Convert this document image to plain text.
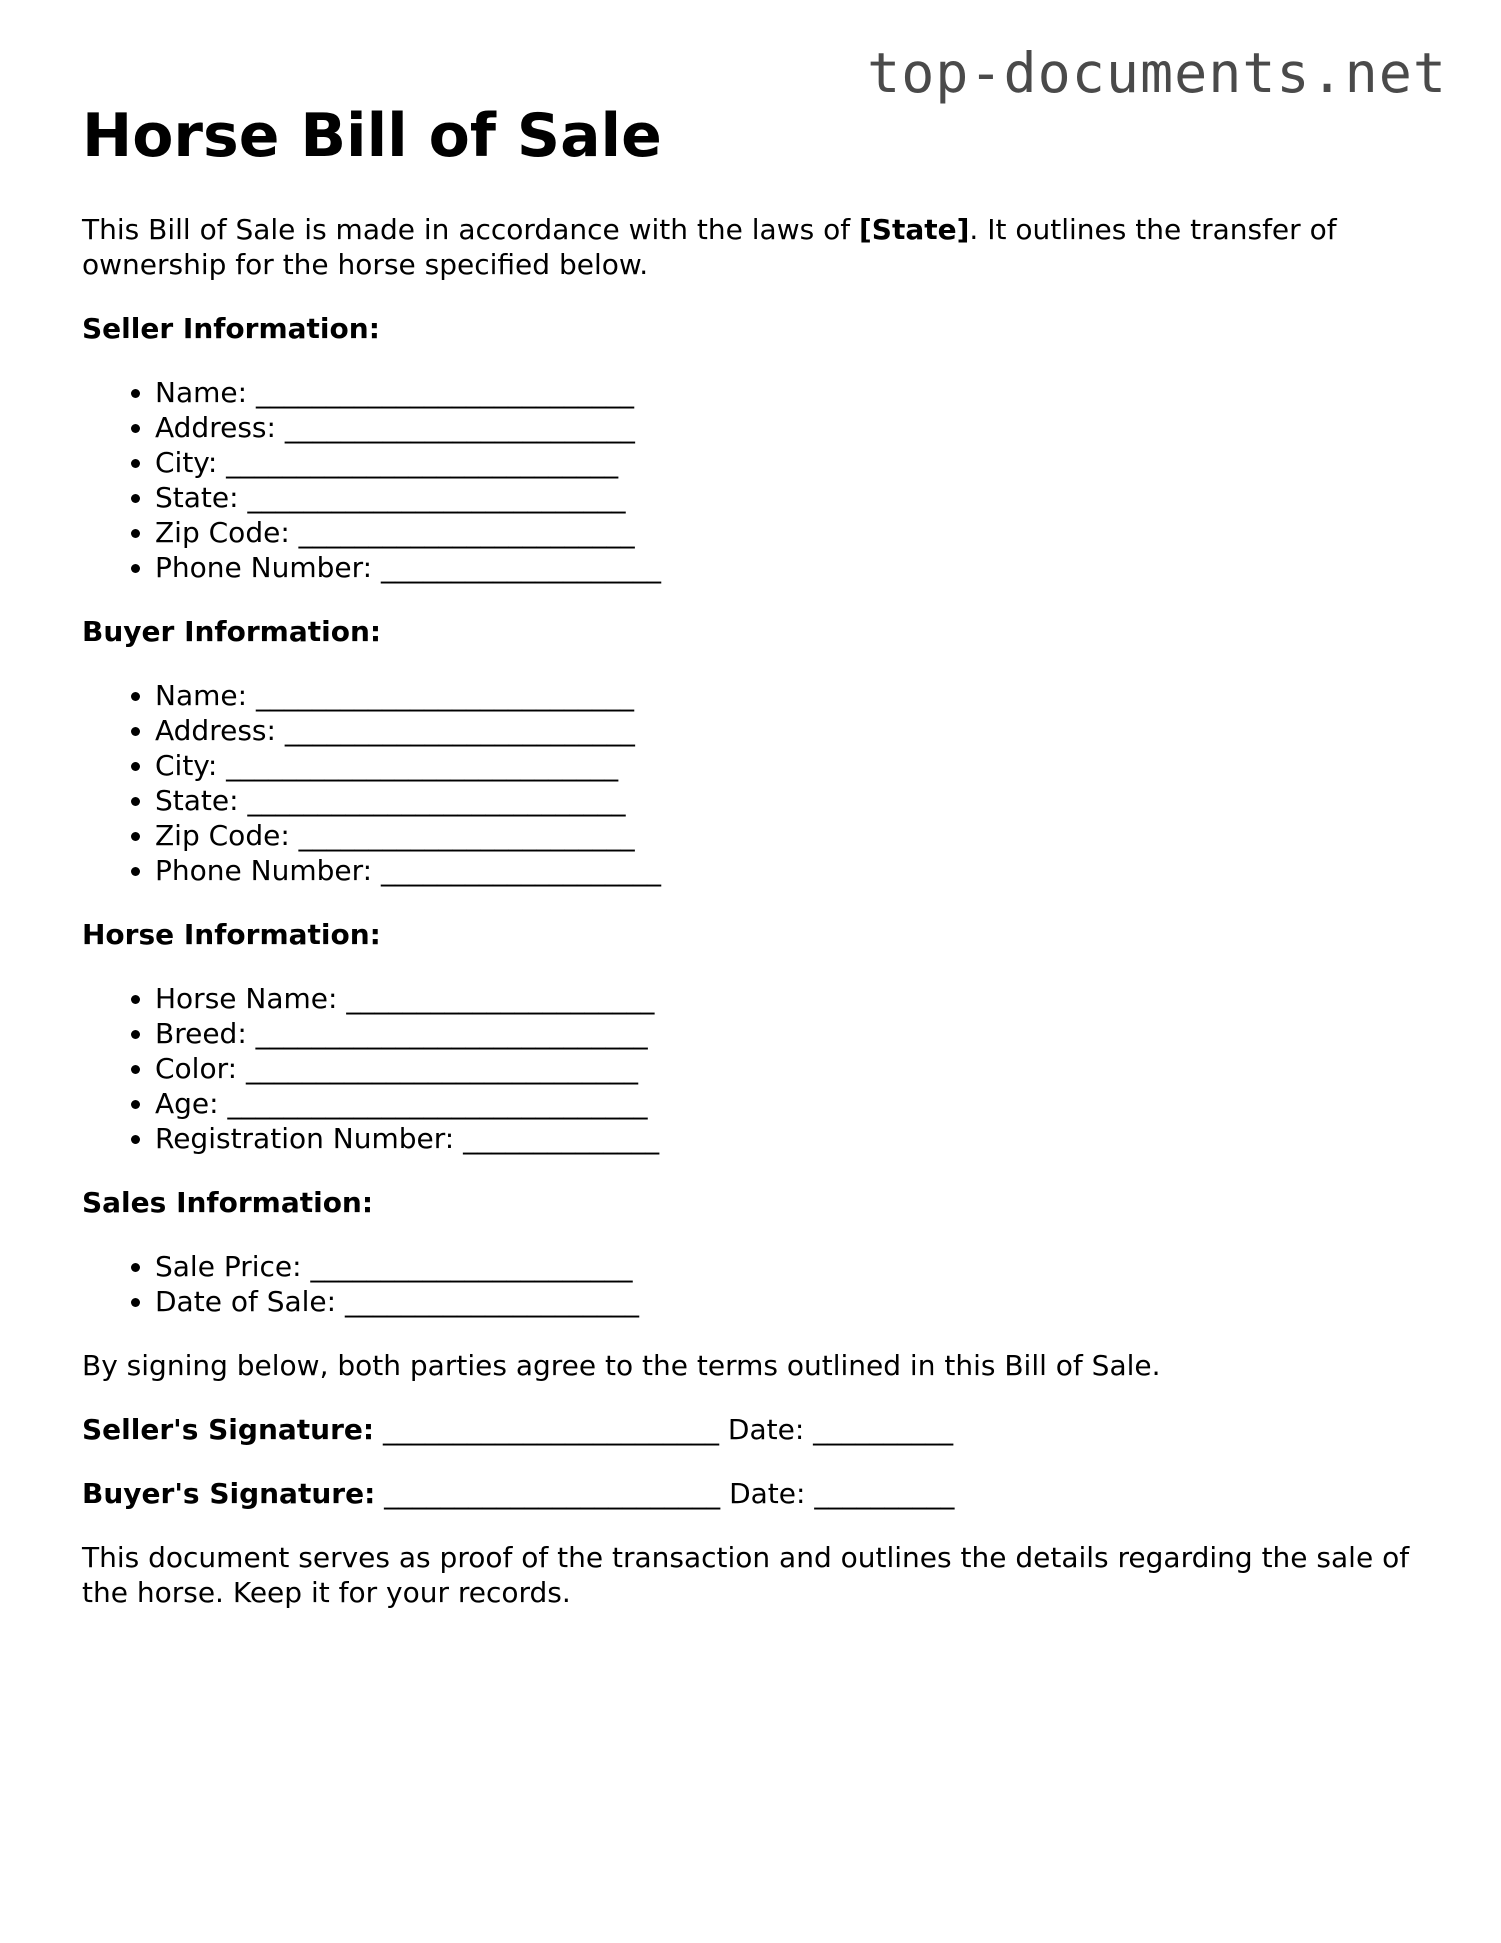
top-documents.net
Horse Bill of Sale

This Bill of Sale is made in accordance with the laws of [State]. It outlines the transfer of ownership for the horse specified below.

Seller Information:

• Name: ___________________________
• Address: _________________________
• City: ____________________________
• State: ___________________________
• Zip Code: ________________________
• Phone Number: ____________________

Buyer Information:

• Name: ___________________________
• Address: _________________________
• City: ____________________________
• State: ___________________________
• Zip Code: ________________________
• Phone Number: ____________________

Horse Information:

• Horse Name: ______________________
• Breed: ____________________________
• Color: ____________________________
• Age: ______________________________
• Registration Number: ______________

Sales Information:

• Sale Price: _______________________
• Date of Sale: _____________________

By signing below, both parties agree to the terms outlined in this Bill of Sale.

Seller's Signature: ________________________ Date: __________

Buyer's Signature: ________________________ Date: __________

This document serves as proof of the transaction and outlines the details regarding the sale of the horse. Keep it for your records.
